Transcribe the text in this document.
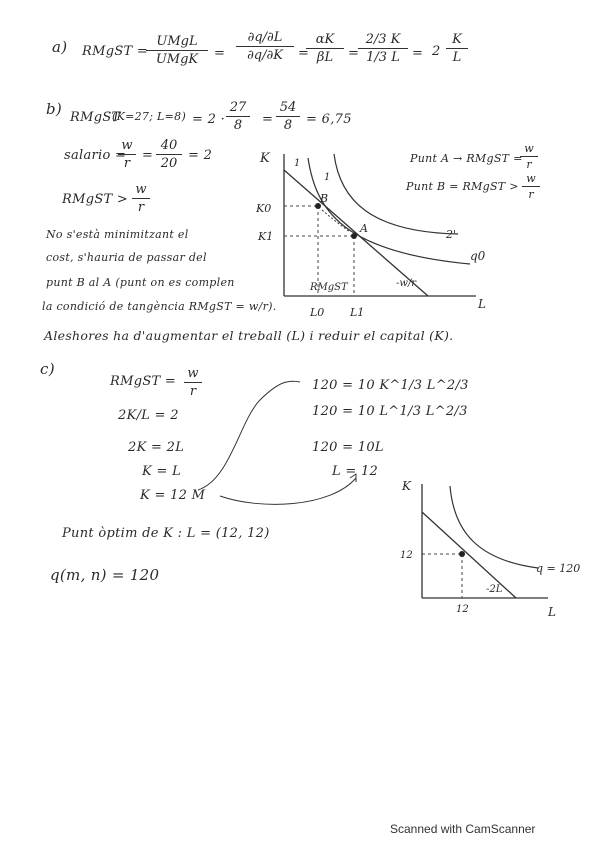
a) RMgST =
UMgL
UMgK	=
∂q/∂L
∂q/∂K	=
αK
βL	=
2/3 K
1/3 L = 2
K
L
b) RMgST
(K=27; L=8) = 2 ·
27
8	=
54
8	= 6,75
salario =
w
r
=
40
20
= 2
RMgST >
w
r
Punt A → RMgST =
w
r
Punt B = RMgST >
w
r
No s'està minimitzant el
cost, s'hauria de passar del
punt B al A (punt on es complen
la condició de tangència RMgST = w/r).
Aleshores ha d'augmentar el treball (L) i reduir el capital (K).
K
L
K0
K1
L0 L1
q0
2'
1
1
-w/r
B
A
RMgST
c)
RMgST =
w
r
2K/L = 2
2K = 2L
K = L
K = 12 M
120 = 10 K^1/3 L^2/3
120 = 10 L^1/3 L^2/3
120 = 10L
L = 12
Punt òptim de K : L = (12, 12)
q(m, n) = 120
K
L
q = 120
12
12
-2L
Scanned with CamScanner
